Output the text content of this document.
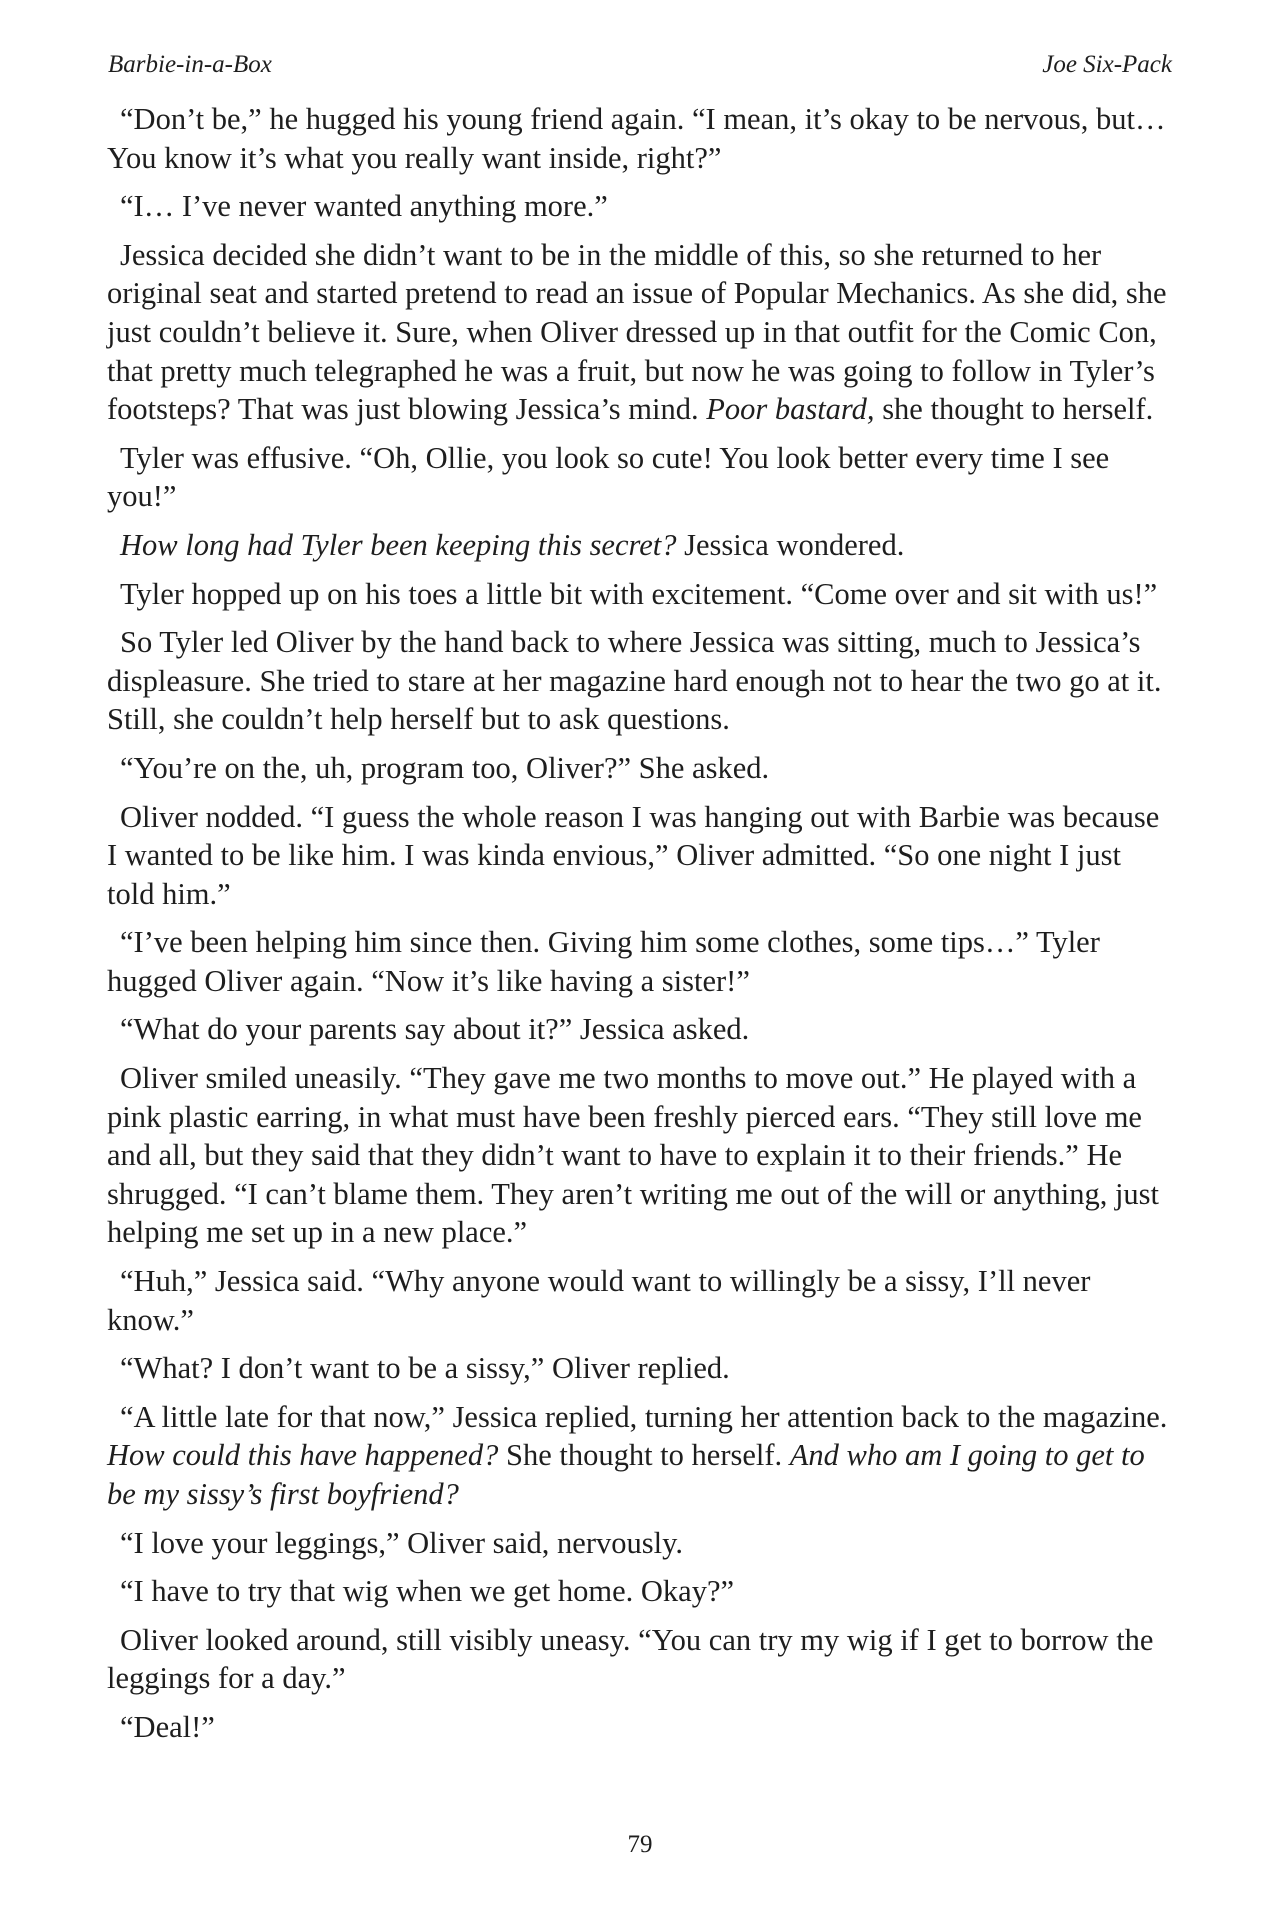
Barbie-in-a-Box	Joe Six-Pack

“Don’t be,” he hugged his young friend again. “I mean, it’s okay to be nervous, but… You know it’s what you really want inside, right?”

“I… I’ve never wanted anything more.”

Jessica decided she didn’t want to be in the middle of this, so she returned to her original seat and started pretend to read an issue of Popular Mechanics. As she did, she just couldn’t believe it. Sure, when Oliver dressed up in that outfit for the Comic Con, that pretty much telegraphed he was a fruit, but now he was going to follow in Tyler’s footsteps? That was just blowing Jessica’s mind. Poor bastard, she thought to herself.

Tyler was effusive. “Oh, Ollie, you look so cute! You look better every time I see you!”

How long had Tyler been keeping this secret? Jessica wondered.

Tyler hopped up on his toes a little bit with excitement. “Come over and sit with us!”

So Tyler led Oliver by the hand back to where Jessica was sitting, much to Jessica’s displeasure. She tried to stare at her magazine hard enough not to hear the two go at it. Still, she couldn’t help herself but to ask questions.

“You’re on the, uh, program too, Oliver?” She asked.

Oliver nodded. “I guess the whole reason I was hanging out with Barbie was because I wanted to be like him. I was kinda envious,” Oliver admitted. “So one night I just told him.”

“I’ve been helping him since then. Giving him some clothes, some tips…” Tyler hugged Oliver again. “Now it’s like having a sister!”

“What do your parents say about it?” Jessica asked.

Oliver smiled uneasily. “They gave me two months to move out.” He played with a pink plastic earring, in what must have been freshly pierced ears. “They still love me and all, but they said that they didn’t want to have to explain it to their friends.” He shrugged. “I can’t blame them. They aren’t writing me out of the will or anything, just helping me set up in a new place.”

“Huh,” Jessica said. “Why anyone would want to willingly be a sissy, I’ll never know.”

“What? I don’t want to be a sissy,” Oliver replied.

“A little late for that now,” Jessica replied, turning her attention back to the magazine. How could this have happened? She thought to herself. And who am I going to get to be my sissy’s first boyfriend?

“I love your leggings,” Oliver said, nervously.

“I have to try that wig when we get home. Okay?”

Oliver looked around, still visibly uneasy. “You can try my wig if I get to borrow the leggings for a day.”

“Deal!”

79
